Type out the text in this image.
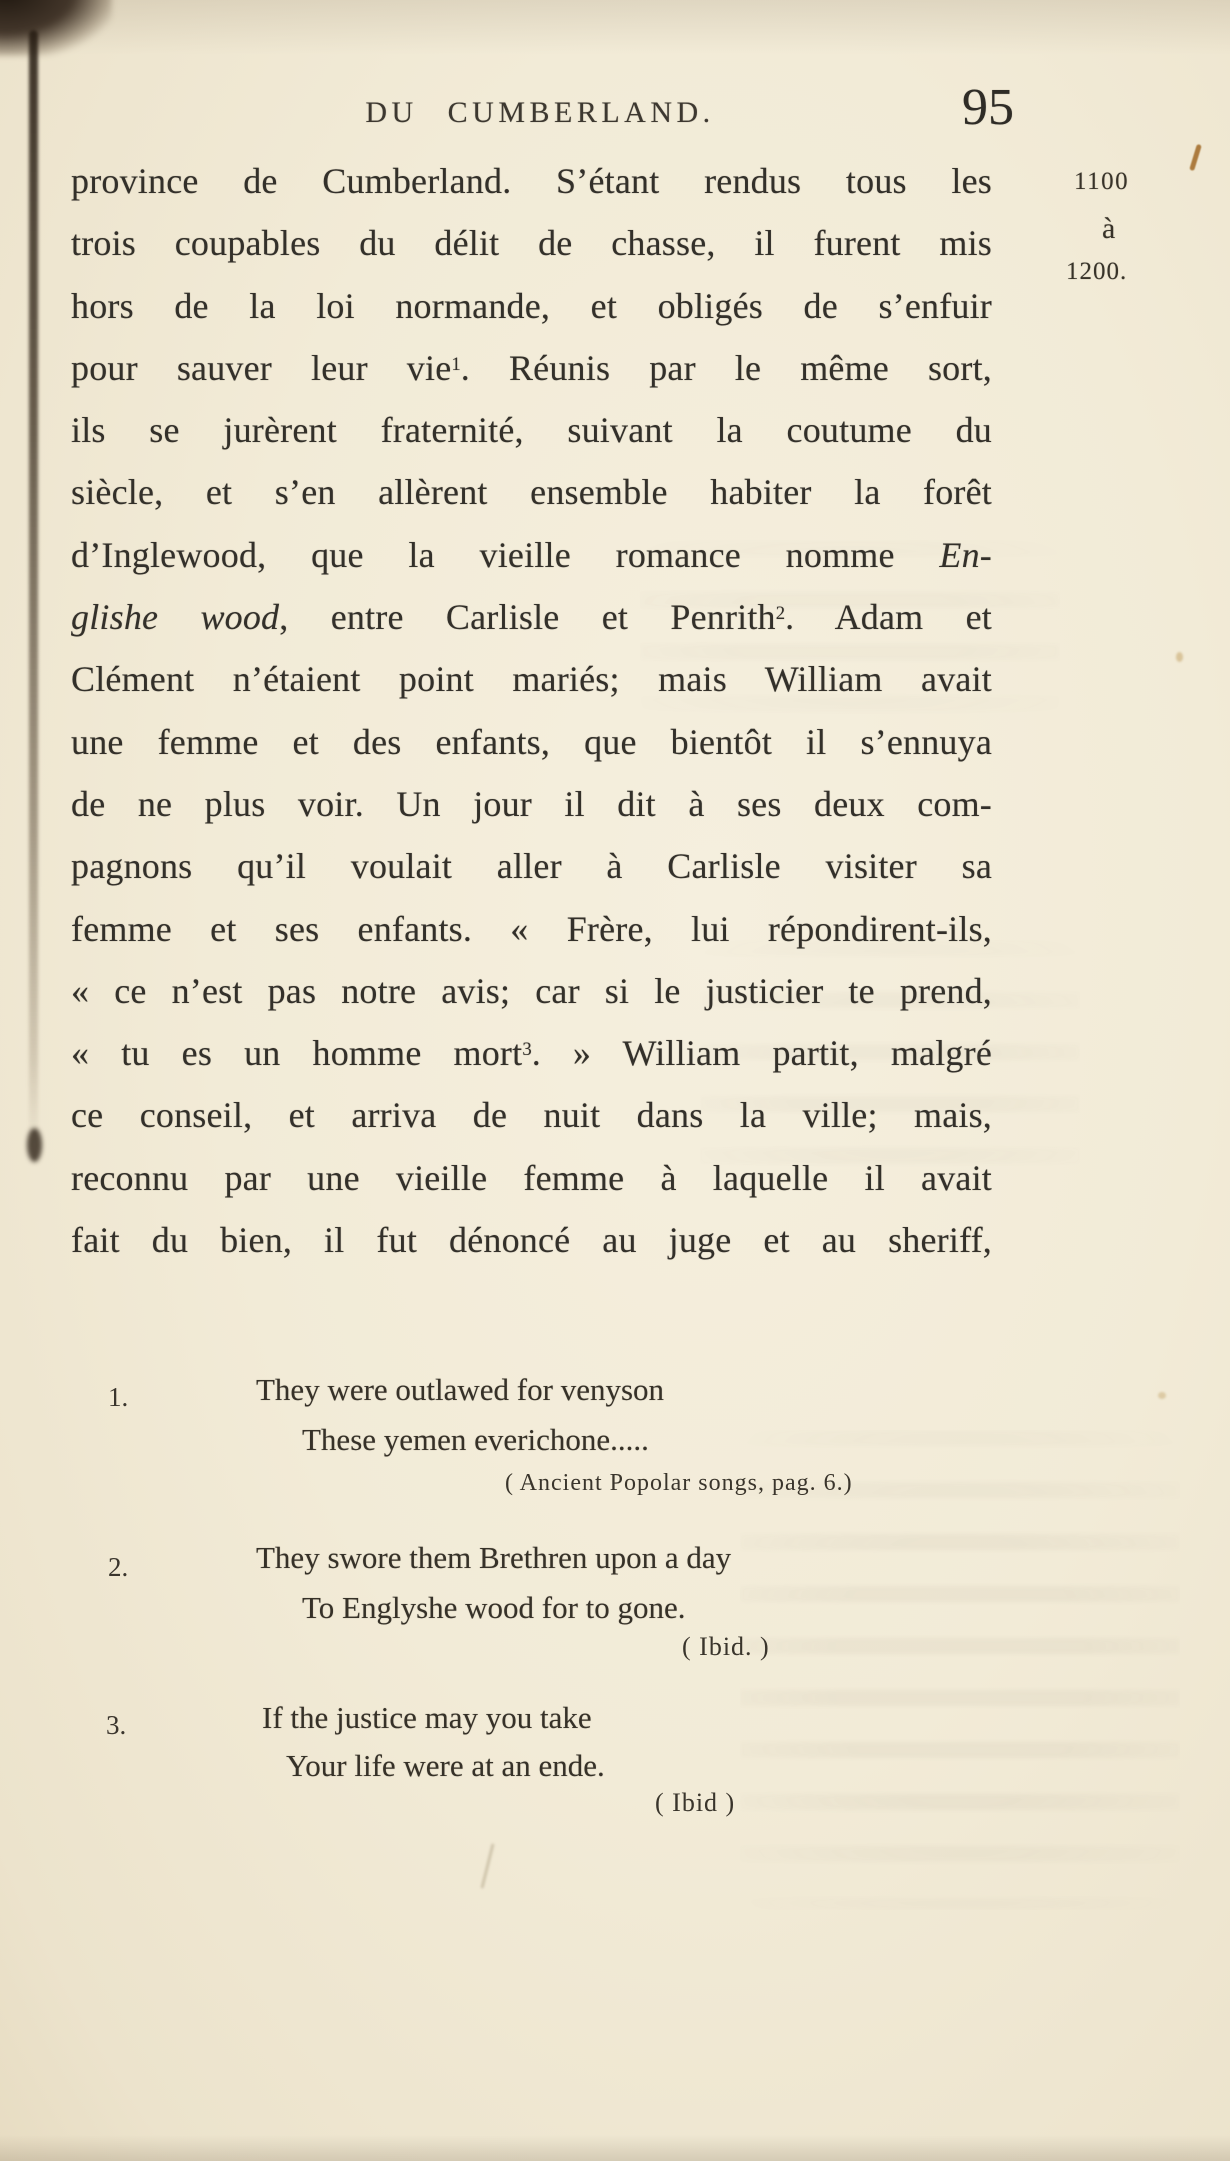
DU CUMBERLAND.	95
1100
à
1200.
province de Cumberland. S’étant rendus tous les
trois coupables du délit de chasse, il furent mis
hors de la loi normande, et obligés de s’enfuir
pour sauver leur vie$^1$. Réunis par le même sort,
ils se jurèrent fraternité, suivant la coutume du
siècle, et s’en allèrent ensemble habiter la forêt
d’Inglewood, que la vieille romance nomme En-
glishe wood, entre Carlisle et Penrith$^2$. Adam et
Clément n’étaient point mariés; mais William avait
une femme et des enfants, que bientôt il s’ennuya
de ne plus voir. Un jour il dit à ses deux com-
pagnons qu’il voulait aller à Carlisle visiter sa
femme et ses enfants. « Frère, lui répondirent-ils,
« ce n’est pas notre avis; car si le justicier te prend,
« tu es un homme mort$^3$. » William partit, malgré
ce conseil, et arriva de nuit dans la ville; mais,
reconnu par une vieille femme à laquelle il avait
fait du bien, il fut dénoncé au juge et au sheriff,
1.	They were outlawed for venyson
These yemen everichone.....
( Ancient Popolar songs, pag. 6.)
2.	They swore them Brethren upon a day
To Englyshe wood for to gone.
( Ibid. )
3.	If the justice may you take
Your life were at an ende.
( Ibid )
